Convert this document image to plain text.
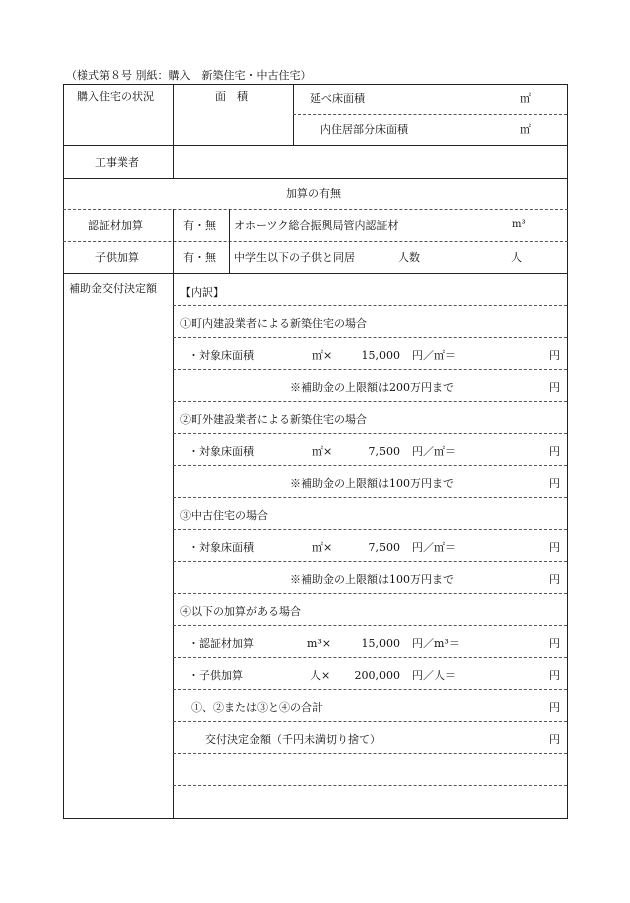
（様式第８号 別紙：購入　新築住宅・中古住宅）
購入住宅の状況	面　積	延べ床面積	㎡
内住居部分床面積	㎡
工事業者
加算の有無
認証材加算	有・無 オホーツク総合振興局管内認証材	m³
子供加算	有・無 中学生以下の子供と同居	人数	人
補助金交付決定額 【内訳】
①町内建設業者による新築住宅の場合
・対象床面積	㎡×	15,000 円／㎡＝	円
※補助金の上限額は200万円まで	円
②町外建設業者による新築住宅の場合
・対象床面積	㎡×	7,500 円／㎡＝	円
※補助金の上限額は100万円まで	円
③中古住宅の場合
・対象床面積	㎡×	7,500 円／㎡＝	円
※補助金の上限額は100万円まで	円
④以下の加算がある場合
・認証材加算	m³×	15,000 円／m³＝	円
・子供加算	人×	200,000 円／人＝	円
①、②または③と④の合計	円
交付決定金額（千円未満切り捨て）	円
